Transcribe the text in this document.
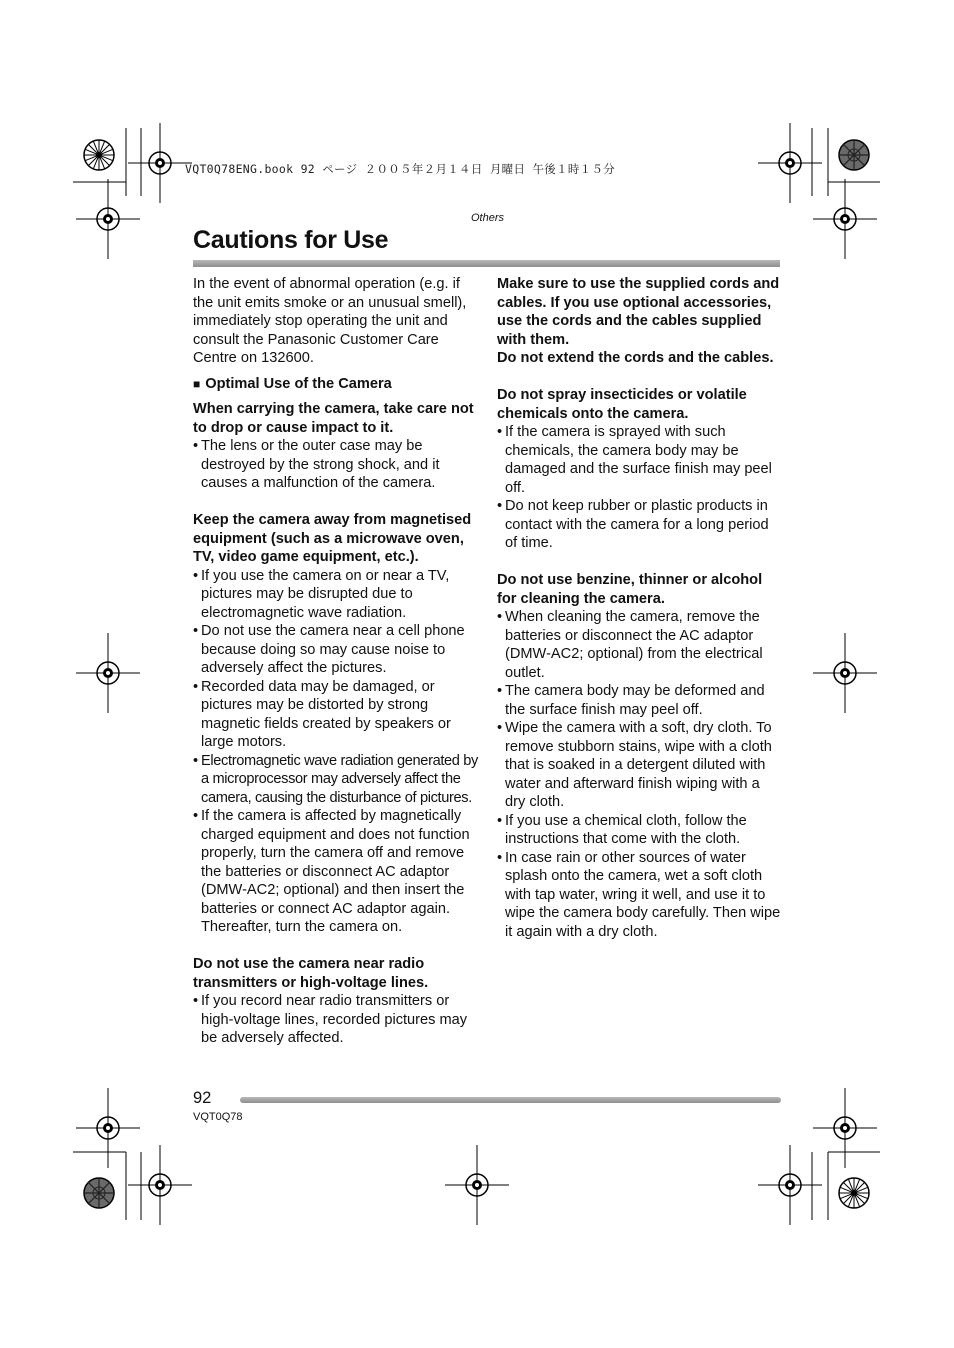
VQT0Q78ENG.book 92 ページ ２００５年２月１４日 月曜日 午後１時１５分
Others
Cautions for Use

In the event of abnormal operation (e.g. if the unit emits smoke or an unusual smell), immediately stop operating the unit and consult the Panasonic Customer Care Centre on 132600.

■ Optimal Use of the Camera

When carrying the camera, take care not to drop or cause impact to it.

• The lens or the outer case may be destroyed by the strong shock, and it causes a malfunction of the camera.

Keep the camera away from magnetised equipment (such as a microwave oven, TV, video game equipment, etc.).

• If you use the camera on or near a TV, pictures may be disrupted due to electromagnetic wave radiation.
• Do not use the camera near a cell phone because doing so may cause noise to adversely affect the pictures.
• Recorded data may be damaged, or pictures may be distorted by strong magnetic fields created by speakers or large motors.
• Electromagnetic wave radiation generated by a microprocessor may adversely affect the camera, causing the disturbance of pictures.
• If the camera is affected by magnetically charged equipment and does not function properly, turn the camera off and remove the batteries or disconnect AC adaptor (DMW-AC2; optional) and then insert the batteries or connect AC adaptor again. Thereafter, turn the camera on.

Do not use the camera near radio transmitters or high-voltage lines.

• If you record near radio transmitters or high-voltage lines, recorded pictures may be adversely affected.

Make sure to use the supplied cords and cables. If you use optional accessories, use the cords and the cables supplied with them.

Do not extend the cords and the cables.

Do not spray insecticides or volatile chemicals onto the camera.

• If the camera is sprayed with such chemicals, the camera body may be damaged and the surface finish may peel off.
• Do not keep rubber or plastic products in contact with the camera for a long period of time.

Do not use benzine, thinner or alcohol for cleaning the camera.

• When cleaning the camera, remove the batteries or disconnect the AC adaptor (DMW-AC2; optional) from the electrical outlet.
• The camera body may be deformed and the surface finish may peel off.
• Wipe the camera with a soft, dry cloth. To remove stubborn stains, wipe with a cloth that is soaked in a detergent diluted with water and afterward finish wiping with a dry cloth.
• If you use a chemical cloth, follow the instructions that come with the cloth.
• In case rain or other sources of water splash onto the camera, wet a soft cloth with tap water, wring it well, and use it to wipe the camera body carefully. Then wipe it again with a dry cloth.
92
VQT0Q78
